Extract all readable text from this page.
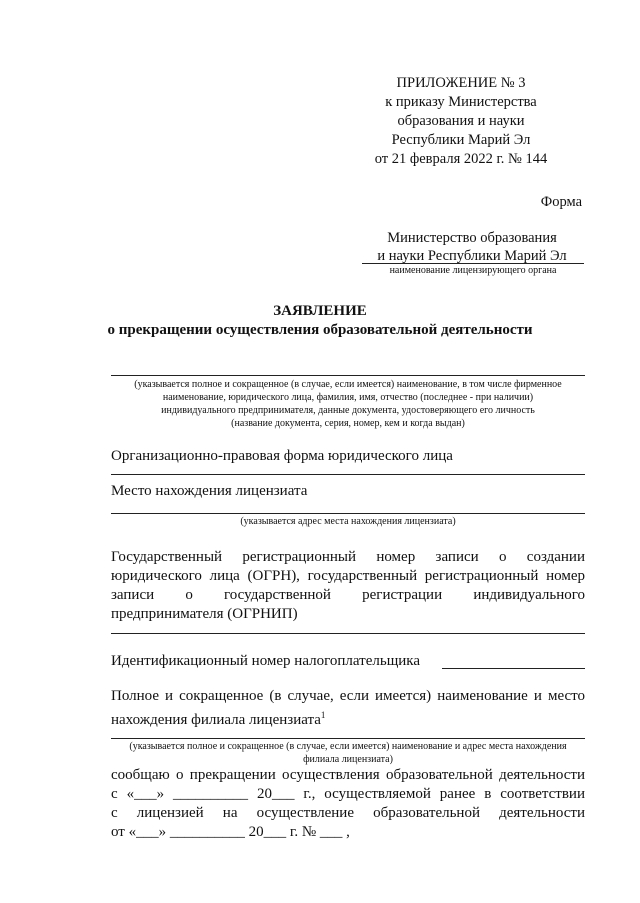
ПРИЛОЖЕНИЕ № 3
к приказу Министерства
образования и науки
Республики Марий Эл
от 21 февраля 2022 г. № 144
Форма
Министерство образования
и науки Республики Марий Эл
наименование лицензирующего органа
ЗАЯВЛЕНИЕ
о прекращении осуществления образовательной деятельности
(указывается полное и сокращенное (в случае, если имеется) наименование, в том числе фирменное
наименование, юридического лица, фамилия, имя, отчество (последнее - при наличии)
индивидуального предпринимателя, данные документа, удостоверяющего его личность
(название документа, серия, номер, кем и когда выдан)
Организационно-правовая форма юридического лица
Место нахождения лицензиата
(указывается адрес места нахождения лицензиата)
Государственный регистрационный номер записи о создании
юридического лица (ОГРН), государственный регистрационный номер
записи о государственной регистрации индивидуального
предпринимателя (ОГРНИП)
Идентификационный номер налогоплательщика
Полное и сокращенное (в случае, если имеется) наименование и место
нахождения филиала лицензиата$^1$
(указывается полное и сокращенное (в случае, если имеется) наименование и адрес места нахождения
филиала лицензиата)
сообщаю о прекращении осуществления образовательной деятельности
с «___» __________ 20___ г., осуществляемой ранее в соответствии
с лицензией на осуществление образовательной деятельности
от «___» __________ 20___ г. № ___ ,
